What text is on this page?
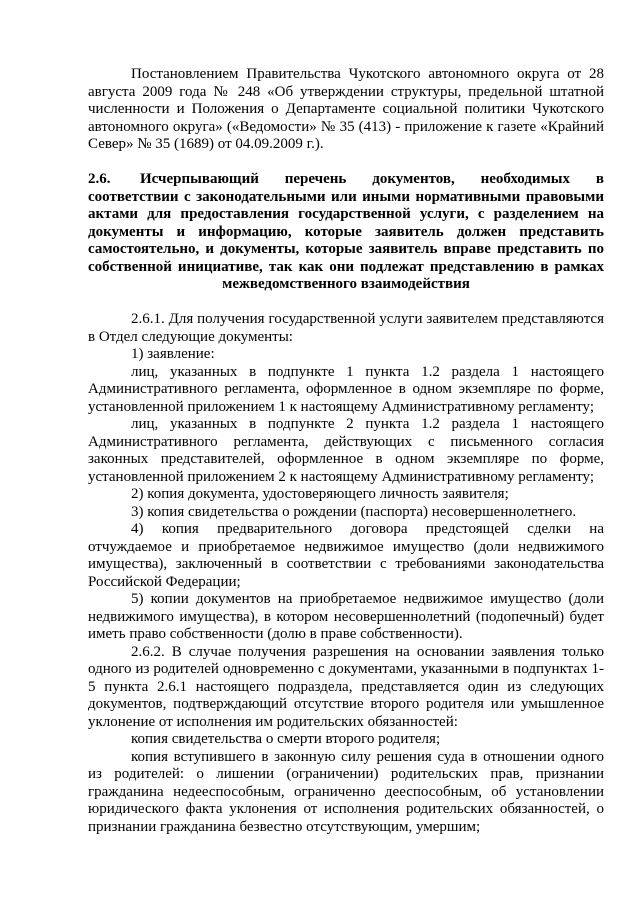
Постановлением Правительства Чукотского автономного округа от 28 августа 2009 года № 248 «Об утверждении структуры, предельной штатной численности и Положения о Департаменте социальной политики Чукотского автономного округа» («Ведомости» № 35 (413) - приложение к газете «Крайний Север» № 35 (1689) от 04.09.2009 г.).
2.6.	Исчерпывающий перечень документов, необходимых в соответствии с законодательными или иными нормативными правовыми актами для предоставления государственной услуги, с разделением на документы и информацию, которые заявитель должен представить самостоятельно, и документы, которые заявитель вправе представить по собственной инициативе, так как они подлежат представлению в рамках межведомственного взаимодействия

2.6.1. Для получения государственной услуги заявителем представляются в Отдел следующие документы:

1) заявление:

лиц, указанных в подпункте 1 пункта 1.2 раздела 1 настоящего Административного регламента, оформленное в одном экземпляре по форме, установленной приложением 1 к настоящему Административному регламенту;

лиц, указанных в подпункте 2 пункта 1.2 раздела 1 настоящего Административного регламента, действующих с письменного согласия законных представителей, оформленное в одном экземпляре по форме, установленной приложением 2 к настоящему Административному регламенту;

2) копия документа, удостоверяющего личность заявителя;

3) копия свидетельства о рождении (паспорта) несовершеннолетнего.

4) копия предварительного договора предстоящей сделки на отчуждаемое и приобретаемое недвижимое имущество (доли недвижимого имущества), заключенный в соответствии с требованиями законодательства Российской Федерации;

5) копии документов на приобретаемое недвижимое имущество (доли недвижимого имущества), в котором несовершеннолетний (подопечный) будет иметь право собственности (долю в праве собственности).

2.6.2. В случае получения разрешения на основании заявления только одного из родителей одновременно с документами, указанными в подпунктах 1-5 пункта 2.6.1 настоящего подраздела, представляется один из следующих документов, подтверждающий отсутствие второго родителя или умышленное уклонение от исполнения им родительских обязанностей:

копия свидетельства о смерти второго родителя;

копия вступившего в законную силу решения суда в отношении одного из родителей: о лишении (ограничении) родительских прав, признании гражданина недееспособным, ограниченно дееспособным, об установлении юридического факта уклонения от исполнения родительских обязанностей, о признании гражданина безвестно отсутствующим, умершим;
